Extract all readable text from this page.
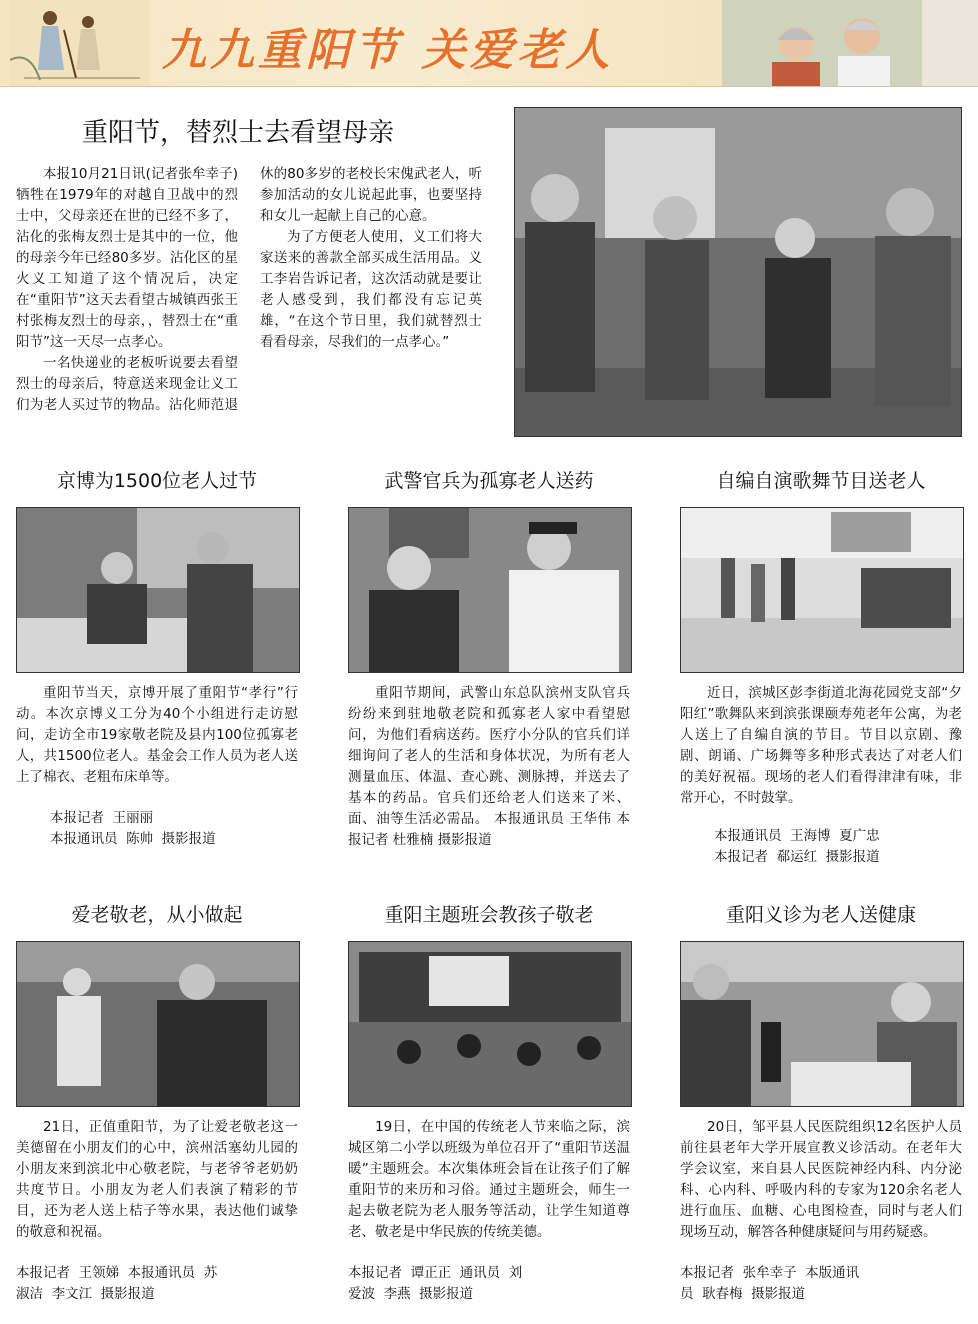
九九重阳节 关爱老人
重阳节，替烈士去看望母亲

本报10月21日讯(记者张牟幸子) 牺牲在1979年的对越自卫战中的烈士中，父母亲还在世的已经不多了，沾化的张梅友烈士是其中的一位，他的母亲今年已经80多岁。沾化区的星火义工知道了这个情况后，决定在“重阳节”这天去看望古城镇西张王村张梅友烈士的母亲，，替烈士在“重阳节”这一天尽一点孝心。

一名快递业的老板听说要去看望烈士的母亲后，特意送来现金让义工们为老人买过节的物品。沾化师范退休的80多岁的老校长宋傀武老人，听参加活动的女儿说起此事，也要坚持和女儿一起献上自己的心意。

为了方便老人使用，义工们将大家送来的善款全部买成生活用品。义工李岩告诉记者，这次活动就是要让老人感受到，我们都没有忘记英雄，“在这个节日里，我们就替烈士看看母亲，尽我们的一点孝心。”

京博为1500位老人过节	武警官兵为孤寡老人送药	自编自演歌舞节目送老人

重阳节当天，京博开展了重阳节“孝行”行动。本次京博义工分为40个小组进行走访慰问，走访全市19家敬老院及县内100位孤寡老人，共1500位老人。基金会工作人员为老人送上了棉衣、老粗布床单等。

本报记者  王丽丽
本报通讯员  陈帅  摄影报道

重阳节期间，武警山东总队滨州支队官兵纷纷来到驻地敬老院和孤寡老人家中看望慰问，为他们看病送药。医疗小分队的官兵们详细询问了老人的生活和身体状况，为所有老人测量血压、体温、查心跳、测脉搏，并送去了基本的药品。官兵们还给老人们送来了米、面、油等生活必需品。 本报通讯员 王华伟 本报记者 杜雅楠 摄影报道

近日，滨城区彭李街道北海花园党支部“夕阳红”歌舞队来到滨张课颐寿苑老年公寓，为老人送上了自编自演的节目。节目以京剧、豫剧、朗诵、广场舞等多种形式表达了对老人们的美好祝福。现场的老人们看得津津有味，非常开心，不时鼓掌。

本报通讯员  王海博  夏广忠
本报记者  郗运红  摄影报道
爱老敬老，从小做起	重阳主题班会教孩子敬老	重阳义诊为老人送健康

21日，正值重阳节，为了让爱老敬老这一美德留在小朋友们的心中，滨州活塞幼儿园的小朋友来到滨北中心敬老院，与老爷爷老奶奶共度节日。小朋友为老人们表演了精彩的节目，还为老人送上桔子等水果，表达他们诚挚的敬意和祝福。

本报记者  王领娣  本报通讯员  苏
淑洁  李文江  摄影报道

19日，在中国的传统老人节来临之际，滨城区第二小学以班级为单位召开了“重阳节送温暖”主题班会。本次集体班会旨在让孩子们了解重阳节的来历和习俗。通过主题班会，师生一起去敬老院为老人服务等活动，让学生知道尊老、敬老是中华民族的传统美德。

本报记者  谭正正  通讯员  刘
爱波  李燕  摄影报道

20日，邹平县人民医院组织12名医护人员前往县老年大学开展宣教义诊活动。在老年大学会议室，来自县人民医院神经内科、内分泌科、心内科、呼吸内科的专家为120余名老人进行血压、血糖、心电图检查，同时与老人们现场互动，解答各种健康疑问与用药疑惑。

本报记者  张牟幸子  本版通讯
员  耿春梅  摄影报道
